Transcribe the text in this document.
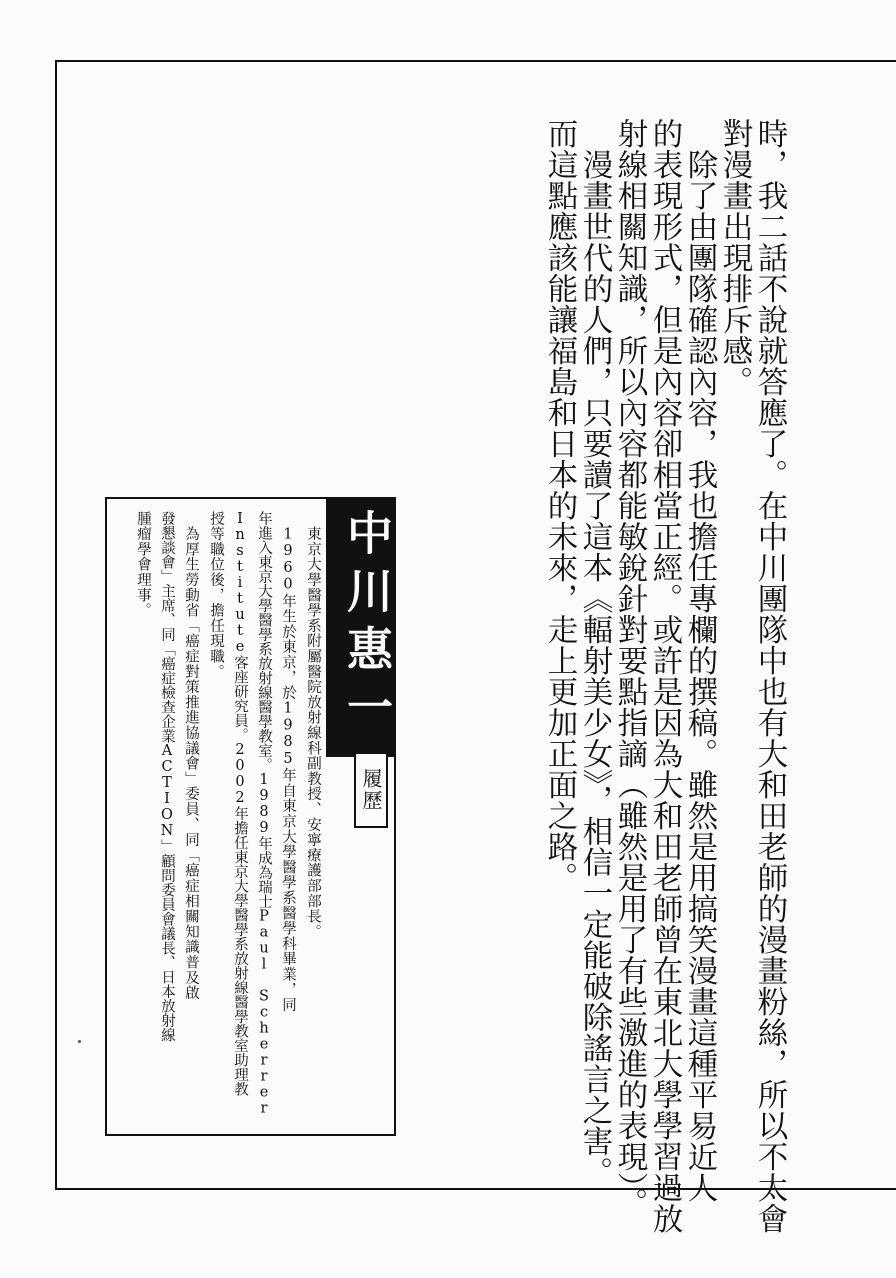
時，我二話不說就答應了。在中川團隊中也有大和田老師的漫畫粉絲，所以不太會
對漫畫出現排斥感。
　除了由團隊確認內容，我也擔任專欄的撰稿。雖然是用搞笑漫畫這種平易近人
的表現形式，但是內容卻相當正經。或許是因為大和田老師曾在東北大學學習過放
射線相關知識，所以內容都能敏銳針對要點指謫（雖然是用了有些激進的表現）。
　漫畫世代的人們，只要讀了這本《輻射美少女》，相信一定能破除謠言之害。
而這點應該能讓福島和日本的未來，走上更加正面之路。
中川惠一
履歷
　東京大學醫學系附屬醫院放射線科副教授、安寧療護部部長。
　1960年生於東京，於1985年自東京大學醫學系醫學科畢業，同
年進入東京大學醫學系放射線醫學教室。1989年成為瑞士Paul Scherrer
Institute客座研究員。2002年擔任東京大學醫學系放射線醫學教室助理教
授等職位後，擔任現職。
　為厚生勞動省「癌症對策推進協議會」委員、同「癌症相關知識普及啟
發懇談會」主席、同「癌症檢查企業ACTION」顧問委員會議長、日本放射線
腫瘤學會理事。
